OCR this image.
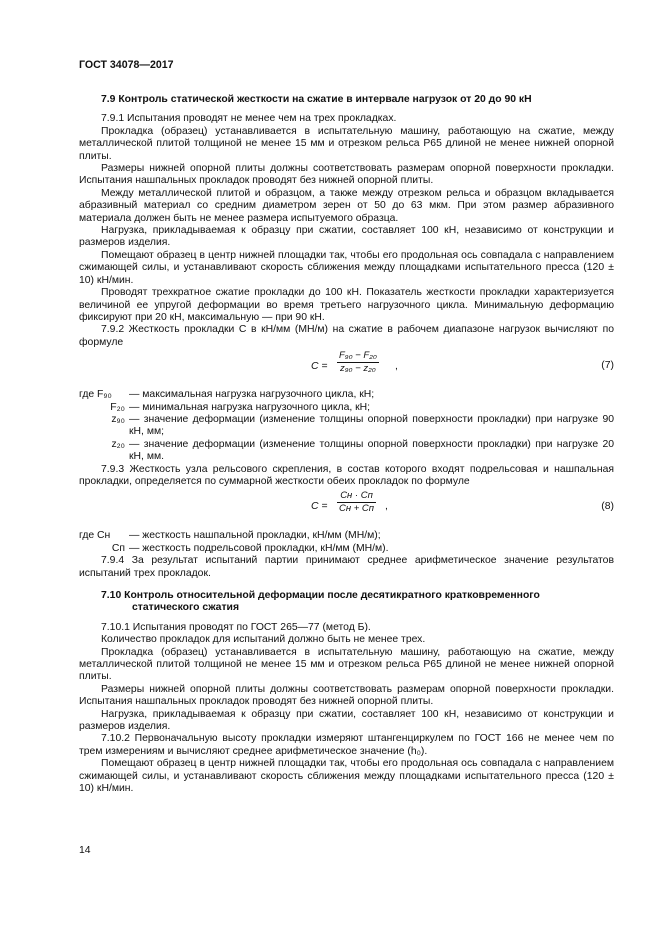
ГОСТ 34078—2017
7.9 Контроль статической жесткости на сжатие в интервале нагрузок от 20 до 90 кН

7.9.1 Испытания проводят не менее чем на трех прокладках.

Прокладка (образец) устанавливается в испытательную машину, работающую на сжатие, между металлической плитой толщиной не менее 15 мм и отрезком рельса Р65 длиной не менее нижней опорной плиты.

Размеры нижней опорной плиты должны соответствовать размерам опорной поверхности прокладки. Испытания нашпальных прокладок проводят без нижней опорной плиты.

Между металлической плитой и образцом, а также между отрезком рельса и образцом вкладывается абразивный материал со средним диаметром зерен от 50 до 63 мкм. При этом размер абразивного материала должен быть не менее размера испытуемого образца.

Нагрузка, прикладываемая к образцу при сжатии, составляет 100 кН, независимо от конструкции и размеров изделия.

Помещают образец в центр нижней площадки так, чтобы его продольная ось совпадала с направлением сжимающей силы, и устанавливают скорость сближения между площадками испытательного пресса (120 ± 10) кН/мин.

Проводят трехкратное сжатие прокладки до 100 кН. Показатель жесткости прокладки характеризуется величиной ее упругой деформации во время третьего нагрузочного цикла. Минимальную деформацию фиксируют при 20 кН, максимальную — при 90 кН.

7.9.2 Жесткость прокладки С в кН/мм (МН/м) на сжатие в рабочем диапазоне нагрузок вычисляют по формуле

$C = \frac{\text{F₉₀ − F₂₀}}{\text{z₉₀ − z₂₀}}$ ,	(7)
где F₉₀	— максимальная нагрузка нагрузочного цикла, кН;
F₂₀	— минимальная нагрузка нагрузочного цикла, кН;
z₉₀	— значение деформации (изменение толщины опорной поверхности прокладки) при нагрузке 90 кН, мм;
z₂₀	— значение деформации (изменение толщины опорной поверхности прокладки) при нагрузке 20 кН, мм.

7.9.3 Жесткость узла рельсового скрепления, в состав которого входят подрельсовая и нашпальная прокладки, определяется по суммарной жесткости обеих прокладок по формуле

C =
Cн · Cп
Cн + Cп ,	(8)
где Cн	— жесткость нашпальной прокладки, кН/мм (МН/м);
Cп	— жесткость подрельсовой прокладки, кН/мм (МН/м).

7.9.4 За результат испытаний партии принимают среднее арифметическое значение результатов испытаний трех прокладок.

7.10 Контроль относительной деформации после десятикратного кратковременного
статического сжатия

7.10.1 Испытания проводят по ГОСТ 265—77 (метод Б).

Количество прокладок для испытаний должно быть не менее трех.

Прокладка (образец) устанавливается в испытательную машину, работающую на сжатие, между металлической плитой толщиной не менее 15 мм и отрезком рельса Р65 длиной не менее нижней опорной плиты.

Размеры нижней опорной плиты должны соответствовать размерам опорной поверхности прокладки. Испытания нашпальных прокладок проводят без нижней опорной плиты.

Нагрузка, прикладываемая к образцу при сжатии, составляет 100 кН, независимо от конструкции и размеров изделия.

7.10.2 Первоначальную высоту прокладки измеряют штангенциркулем по ГОСТ 166 не менее чем по трем измерениям и вычисляют среднее арифметическое значение (h₀).

Помещают образец в центр нижней площадки так, чтобы его продольная ось совпадала с направлением сжимающей силы, и устанавливают скорость сближения между площадками испытательного пресса (120 ± 10) кН/мин.

14
